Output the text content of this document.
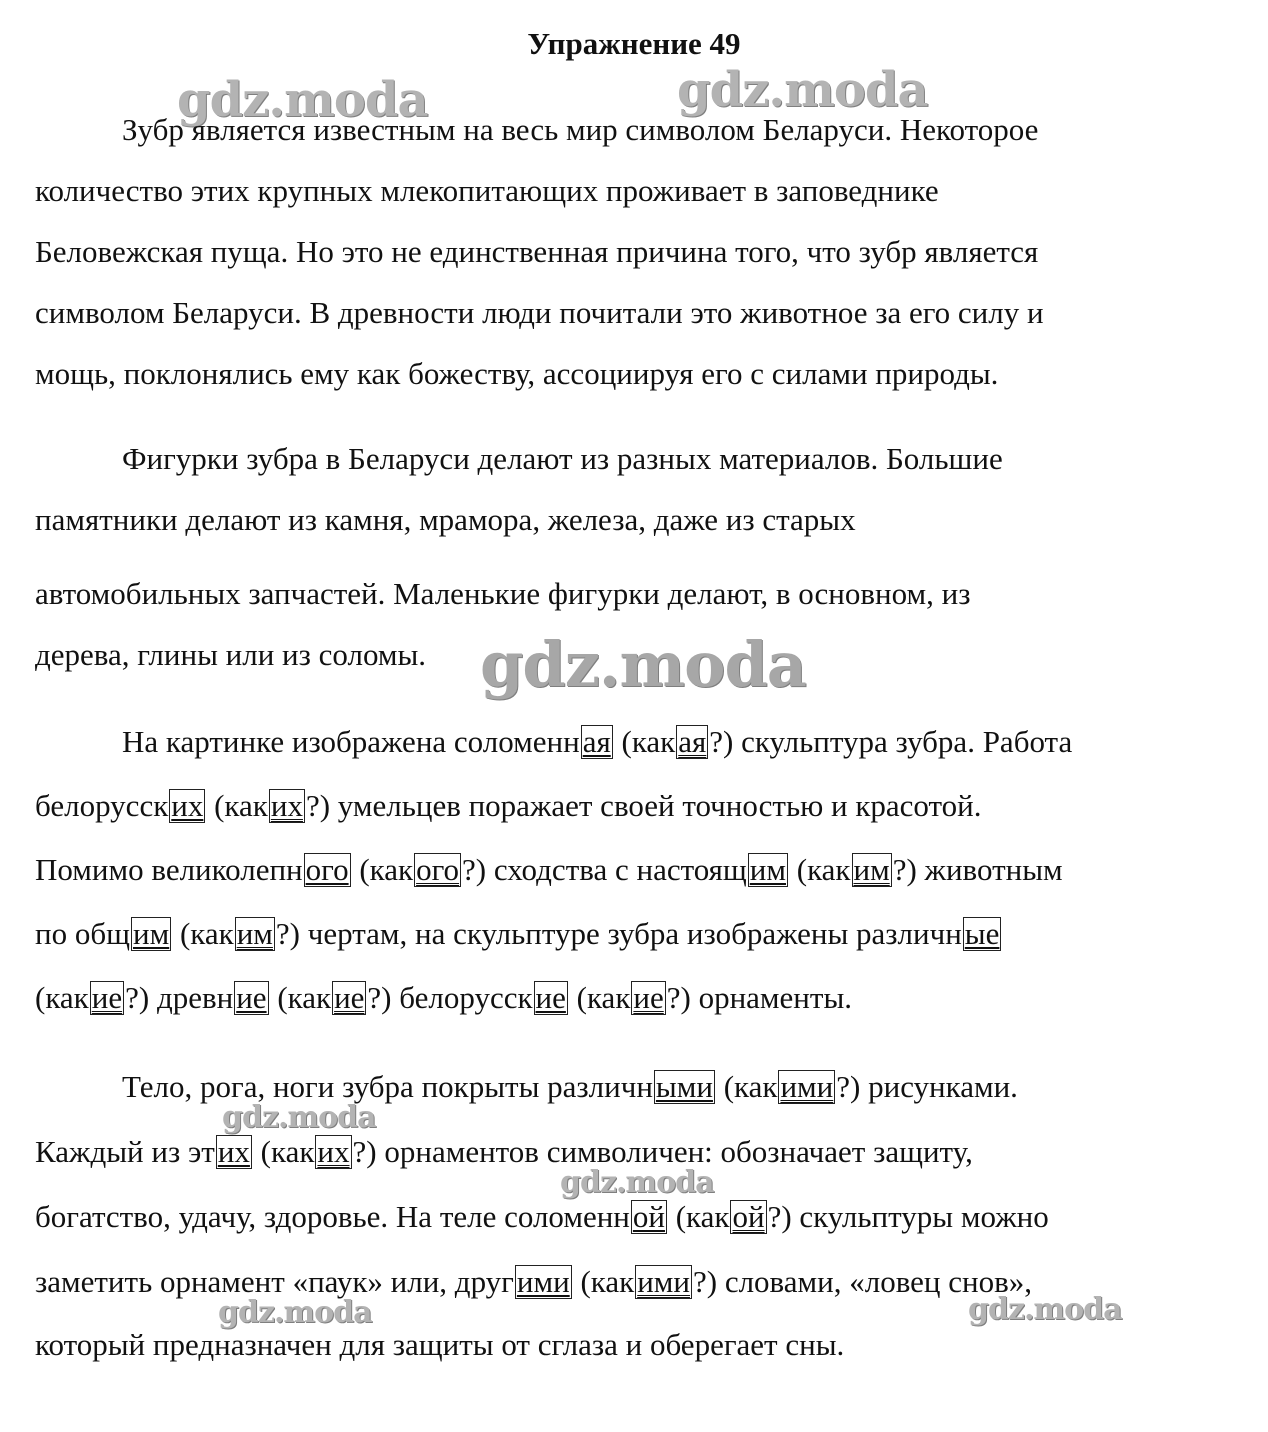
Упражнение 49
gdz.moda	gdz.moda
gdz.moda
gdz.moda
gdz.moda
gdz.moda	gdz.moda
Зубр является известным на весь мир символом Беларуси. Некоторое
количество этих крупных млекопитающих проживает в заповеднике
Беловежская пуща. Но это не единственная причина того, что зубр является
символом Беларуси. В древности люди почитали это животное за его силу и
мощь, поклонялись ему как божеству, ассоциируя его с силами природы.
Фигурки зубра в Беларуси делают из разных материалов. Большие
памятники делают из камня, мрамора, железа, даже из старых
автомобильных запчастей. Маленькие фигурки делают, в основном, из
дерева, глины или из соломы.
На картинке изображена соломенная (какая?) скульптура зубра. Работа
белорусских (каких?) умельцев поражает своей точностью и красотой.
Помимо великолепного (какого?) сходства с настоящим (каким?) животным
по общим (каким?) чертам, на скульптуре зубра изображены различные
(какие?) древние (какие?) белорусские (какие?) орнаменты.
Тело, рога, ноги зубра покрыты различными (какими?) рисунками.
Каждый из этих (каких?) орнаментов символичен: обозначает защиту,
богатство, удачу, здоровье. На теле соломенной (какой?) скульптуры можно
заметить орнамент «паук» или, другими (какими?) словами, «ловец снов»,
который предназначен для защиты от сглаза и оберегает сны.
